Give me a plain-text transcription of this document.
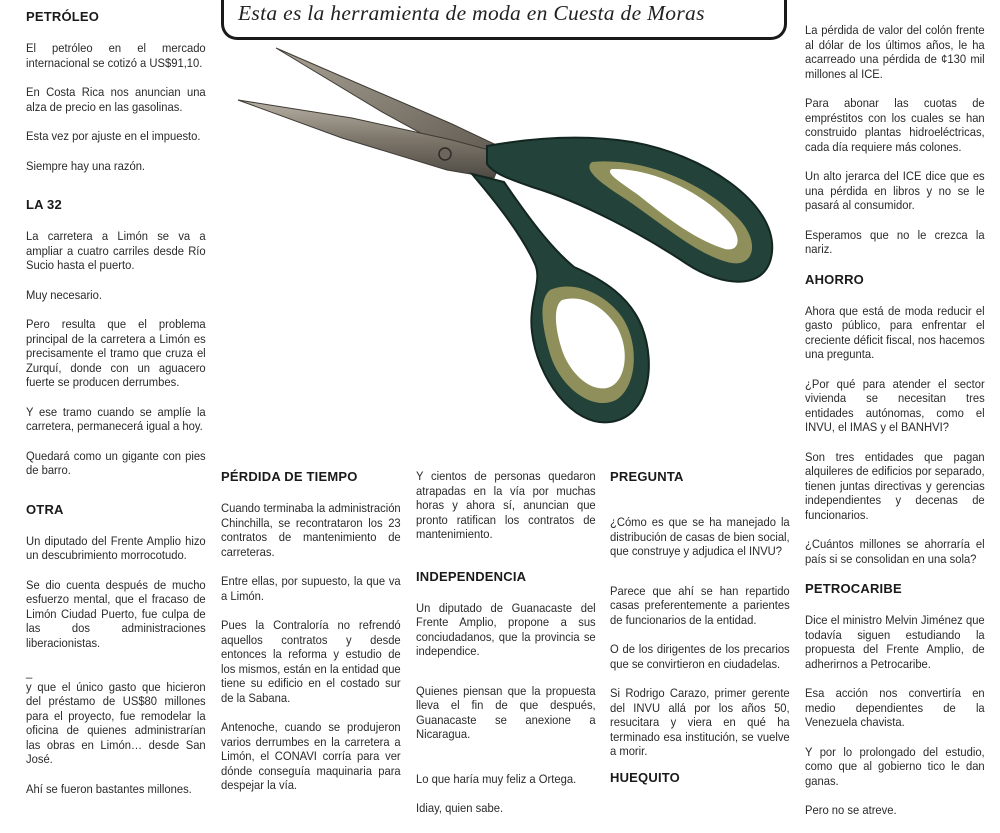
Esta es la herramienta de moda en Cuesta de Moras
PETRÓLEO

El petróleo en el mercado internacional se cotizó a US$91,10.

En Costa Rica nos anuncian una alza de precio en las gasolinas.

Esta vez por ajuste en el impuesto.

Siempre hay una razón.

LA 32

La carretera a Limón se va a ampliar a cuatro carriles desde Río Sucio hasta el puerto.

Muy necesario.

Pero resulta que el problema principal de la carretera a Limón es precisamente el tramo que cruza el Zurquí, donde con un aguacero fuerte se producen derrumbes.

Y ese tramo cuando se amplíe la carretera, permanecerá igual a hoy.

Quedará como un gigante con pies de barro.

OTRA

Un diputado del Frente Amplio hizo un descubrimiento morrocotudo.

Se dio cuenta después de mucho esfuerzo mental, que el fracaso de Limón Ciudad Puerto, fue culpa de las dos administraciones liberacionistas.

_
y que el único gasto que hicieron del préstamo de US$80 millones para el proyecto, fue remodelar la oficina de quienes administrarían las obras en Limón… desde San José.

Ahí se fueron bastantes millones.

PÉRDIDA DE TIEMPO

Cuando terminaba la administración Chinchilla, se recontrataron los 23 contratos de mantenimiento de carreteras.

Entre ellas, por supuesto, la que va a Limón.

Pues la Contraloría no refrendó aquellos contratos y desde entonces la reforma y estudio de los mismos, están en la entidad que tiene su edificio en el costado sur de la Sabana.

Antenoche, cuando se produjeron varios derrumbes en la carretera a Limón, el CONAVI corría para ver dónde conseguía maquinaria para despejar la vía.

Y cientos de personas quedaron atrapadas en la vía por muchas horas y ahora sí, anuncian que pronto ratifican los contratos de mantenimiento.

INDEPENDENCIA

Un diputado de Guanacaste del Frente Amplio, propone a sus conciudadanos, que la provincia se independice.

Quienes piensan que la propuesta lleva el fin de que después, Guanacaste se anexione a Nicaragua.

Lo que haría muy feliz a Ortega.

Idiay, quien sabe.

PREGUNTA

¿Cómo es que se ha manejado la distribución de casas de bien social, que construye y adjudica el INVU?

Parece que ahí se han repartido casas preferentemente a parientes de funcionarios de la entidad.

O de los dirigentes de los precarios que se convirtieron en ciudadelas.

Si Rodrigo Carazo, primer gerente del INVU allá por los años 50, resucitara y viera en qué ha terminado esa institución, se vuelve a morir.

HUEQUITO

La pérdida de valor del colón frente al dólar de los últimos años, le ha acarreado una pérdida de ¢130 mil millones al ICE.

Para abonar las cuotas de empréstitos con los cuales se han construido plantas hidroeléctricas, cada día requiere más colones.

Un alto jerarca del ICE dice que es una pérdida en libros y no se le pasará al consumidor.

Esperamos que no le crezca la nariz.

AHORRO

Ahora que está de moda reducir el gasto público, para enfrentar el creciente déficit fiscal, nos hacemos una pregunta.

¿Por qué para atender el sector vivienda se necesitan tres entidades autónomas, como el INVU, el IMAS y el BANHVI?

Son tres entidades que pagan alquileres de edificios por separado, tienen juntas directivas y gerencias independientes y decenas de funcionarios.

¿Cuántos millones se ahorraría el país si se consolidan en una sola?

PETROCARIBE

Dice el ministro Melvin Jiménez que todavía siguen estudiando la propuesta del Frente Amplio, de adherirnos a Petrocaribe.

Esa acción nos convertiría en medio dependientes de la Venezuela chavista.

Y por lo prolongado del estudio, como que al gobierno tico le dan ganas.

Pero no se atreve.
